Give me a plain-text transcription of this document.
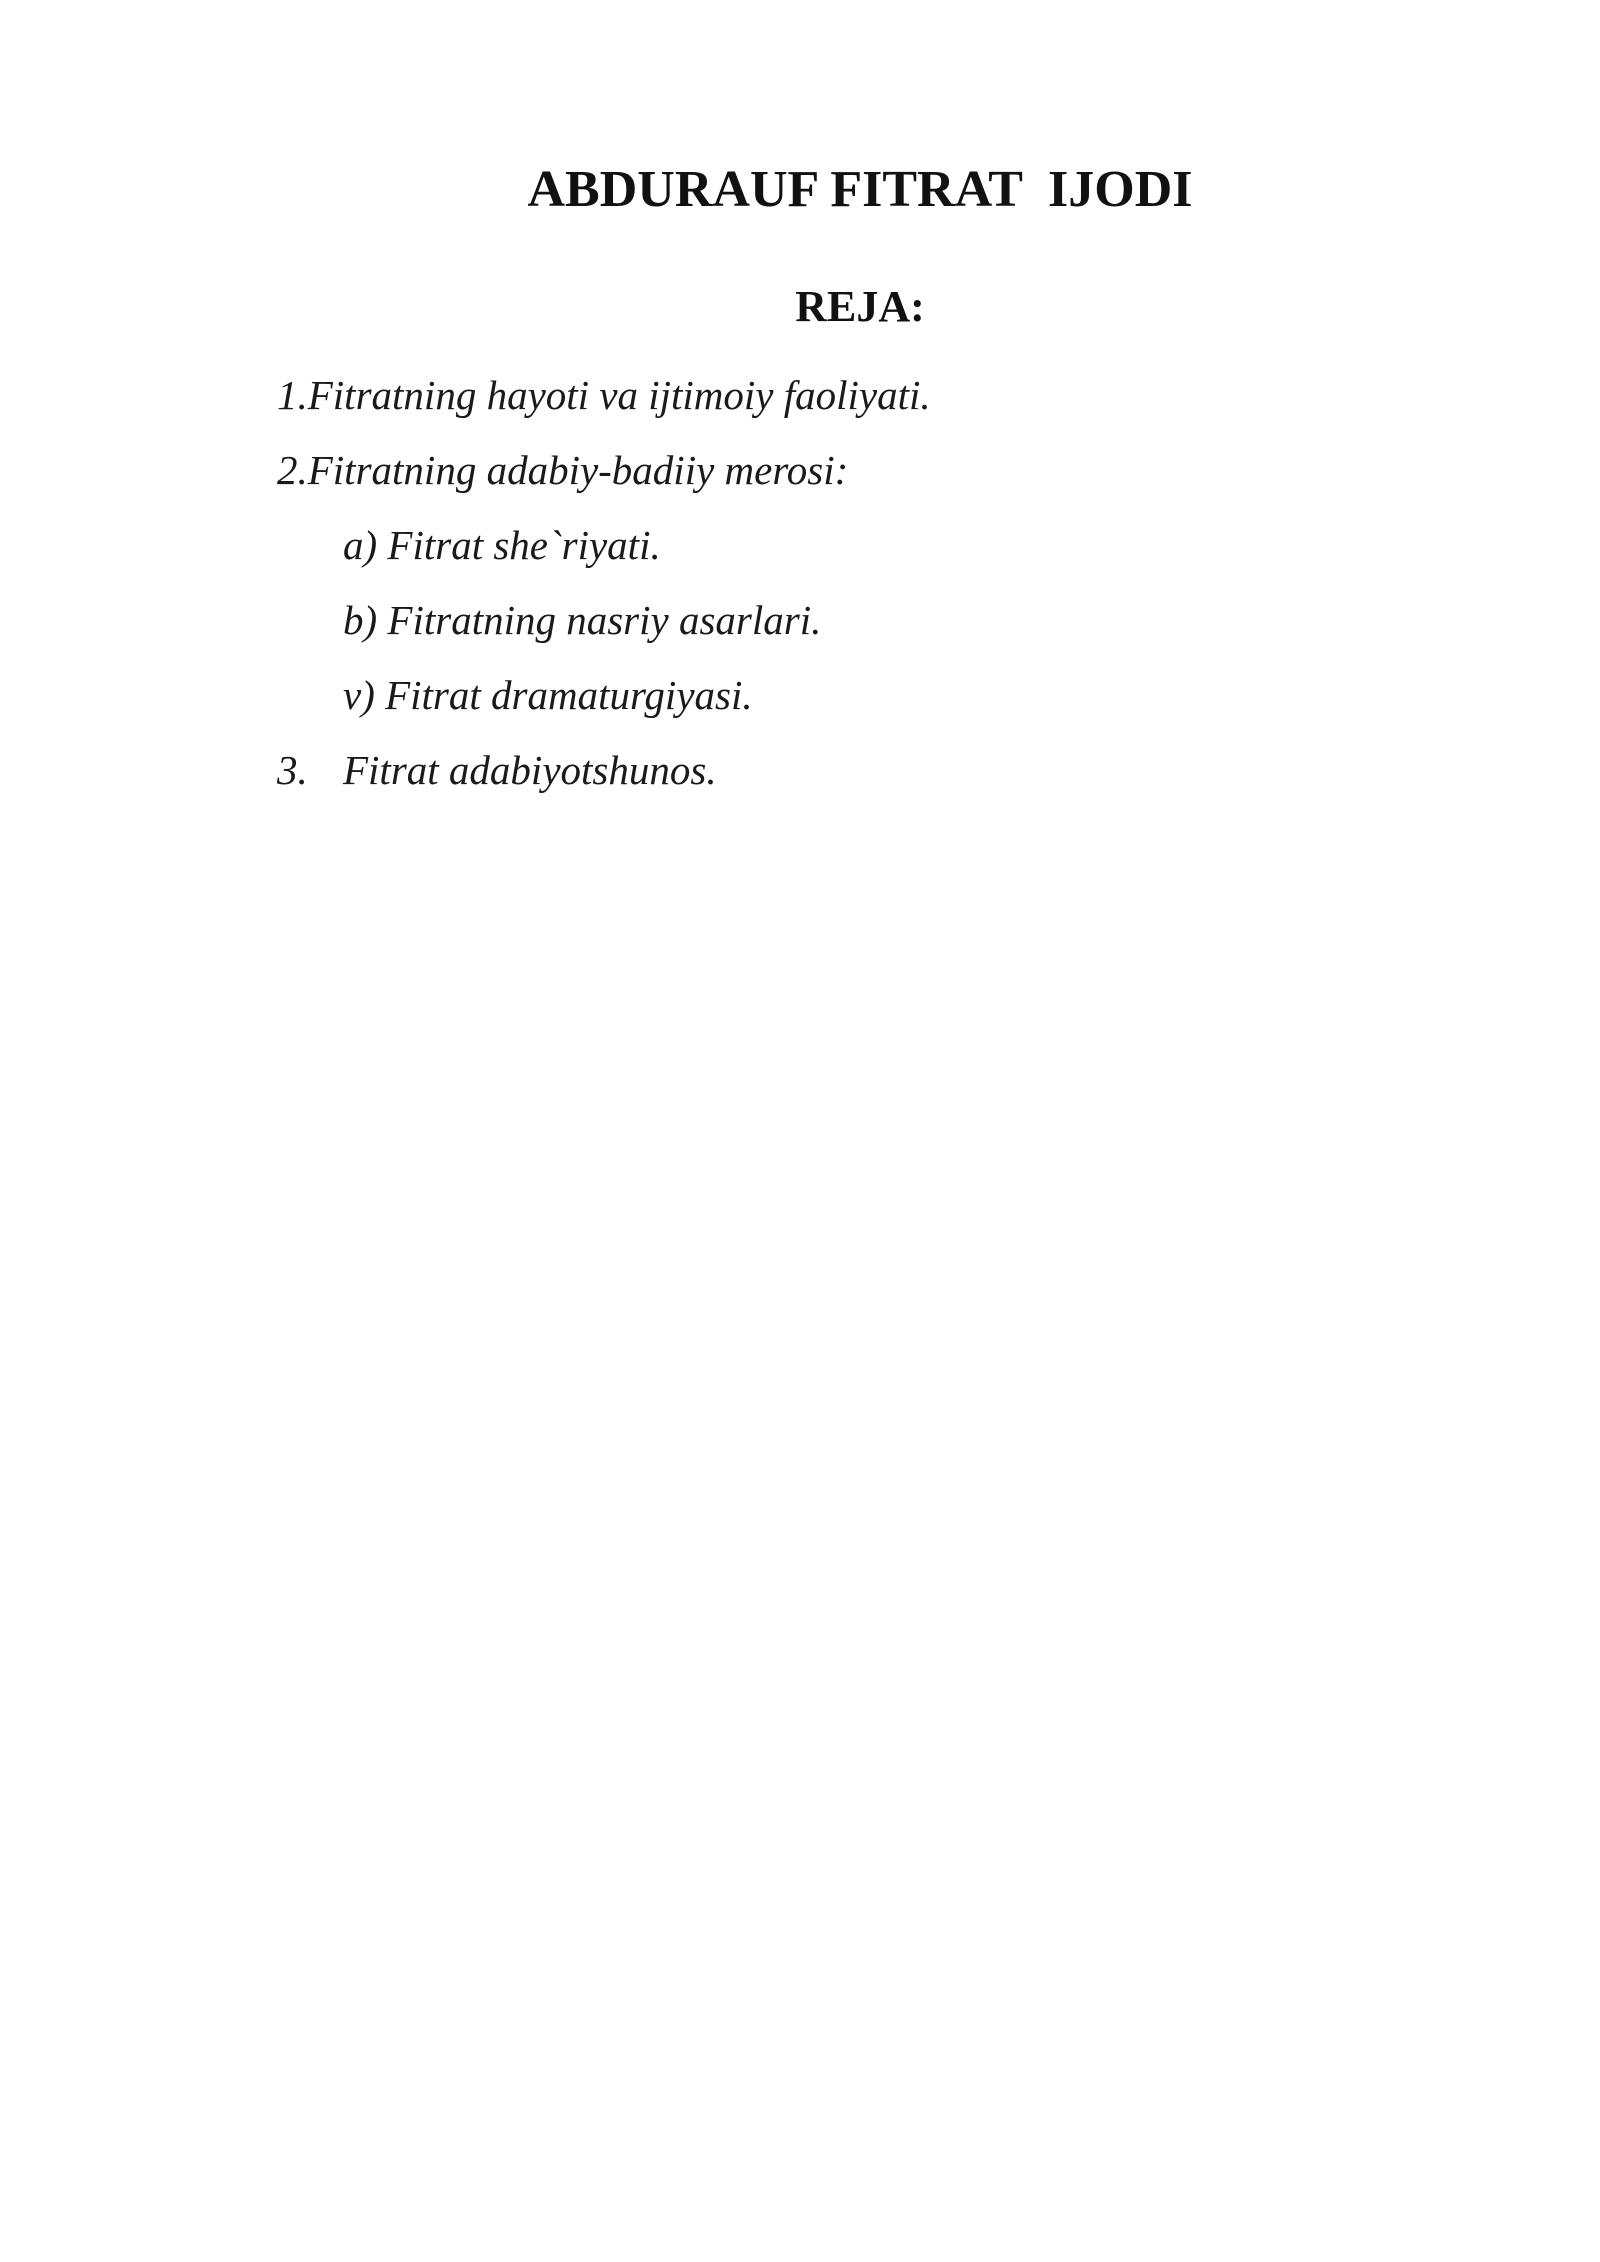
ABDURAUF FITRAT  IJODI
REJA:
1.Fitratning hayoti va ijtimoiy faoliyati.
2.Fitratning adabiy-badiiy merosi:
a) Fitrat she`riyati.
b) Fitratning nasriy asarlari.
v) Fitrat dramaturgiyasi.
3. Fitrat adabiyotshunos.
